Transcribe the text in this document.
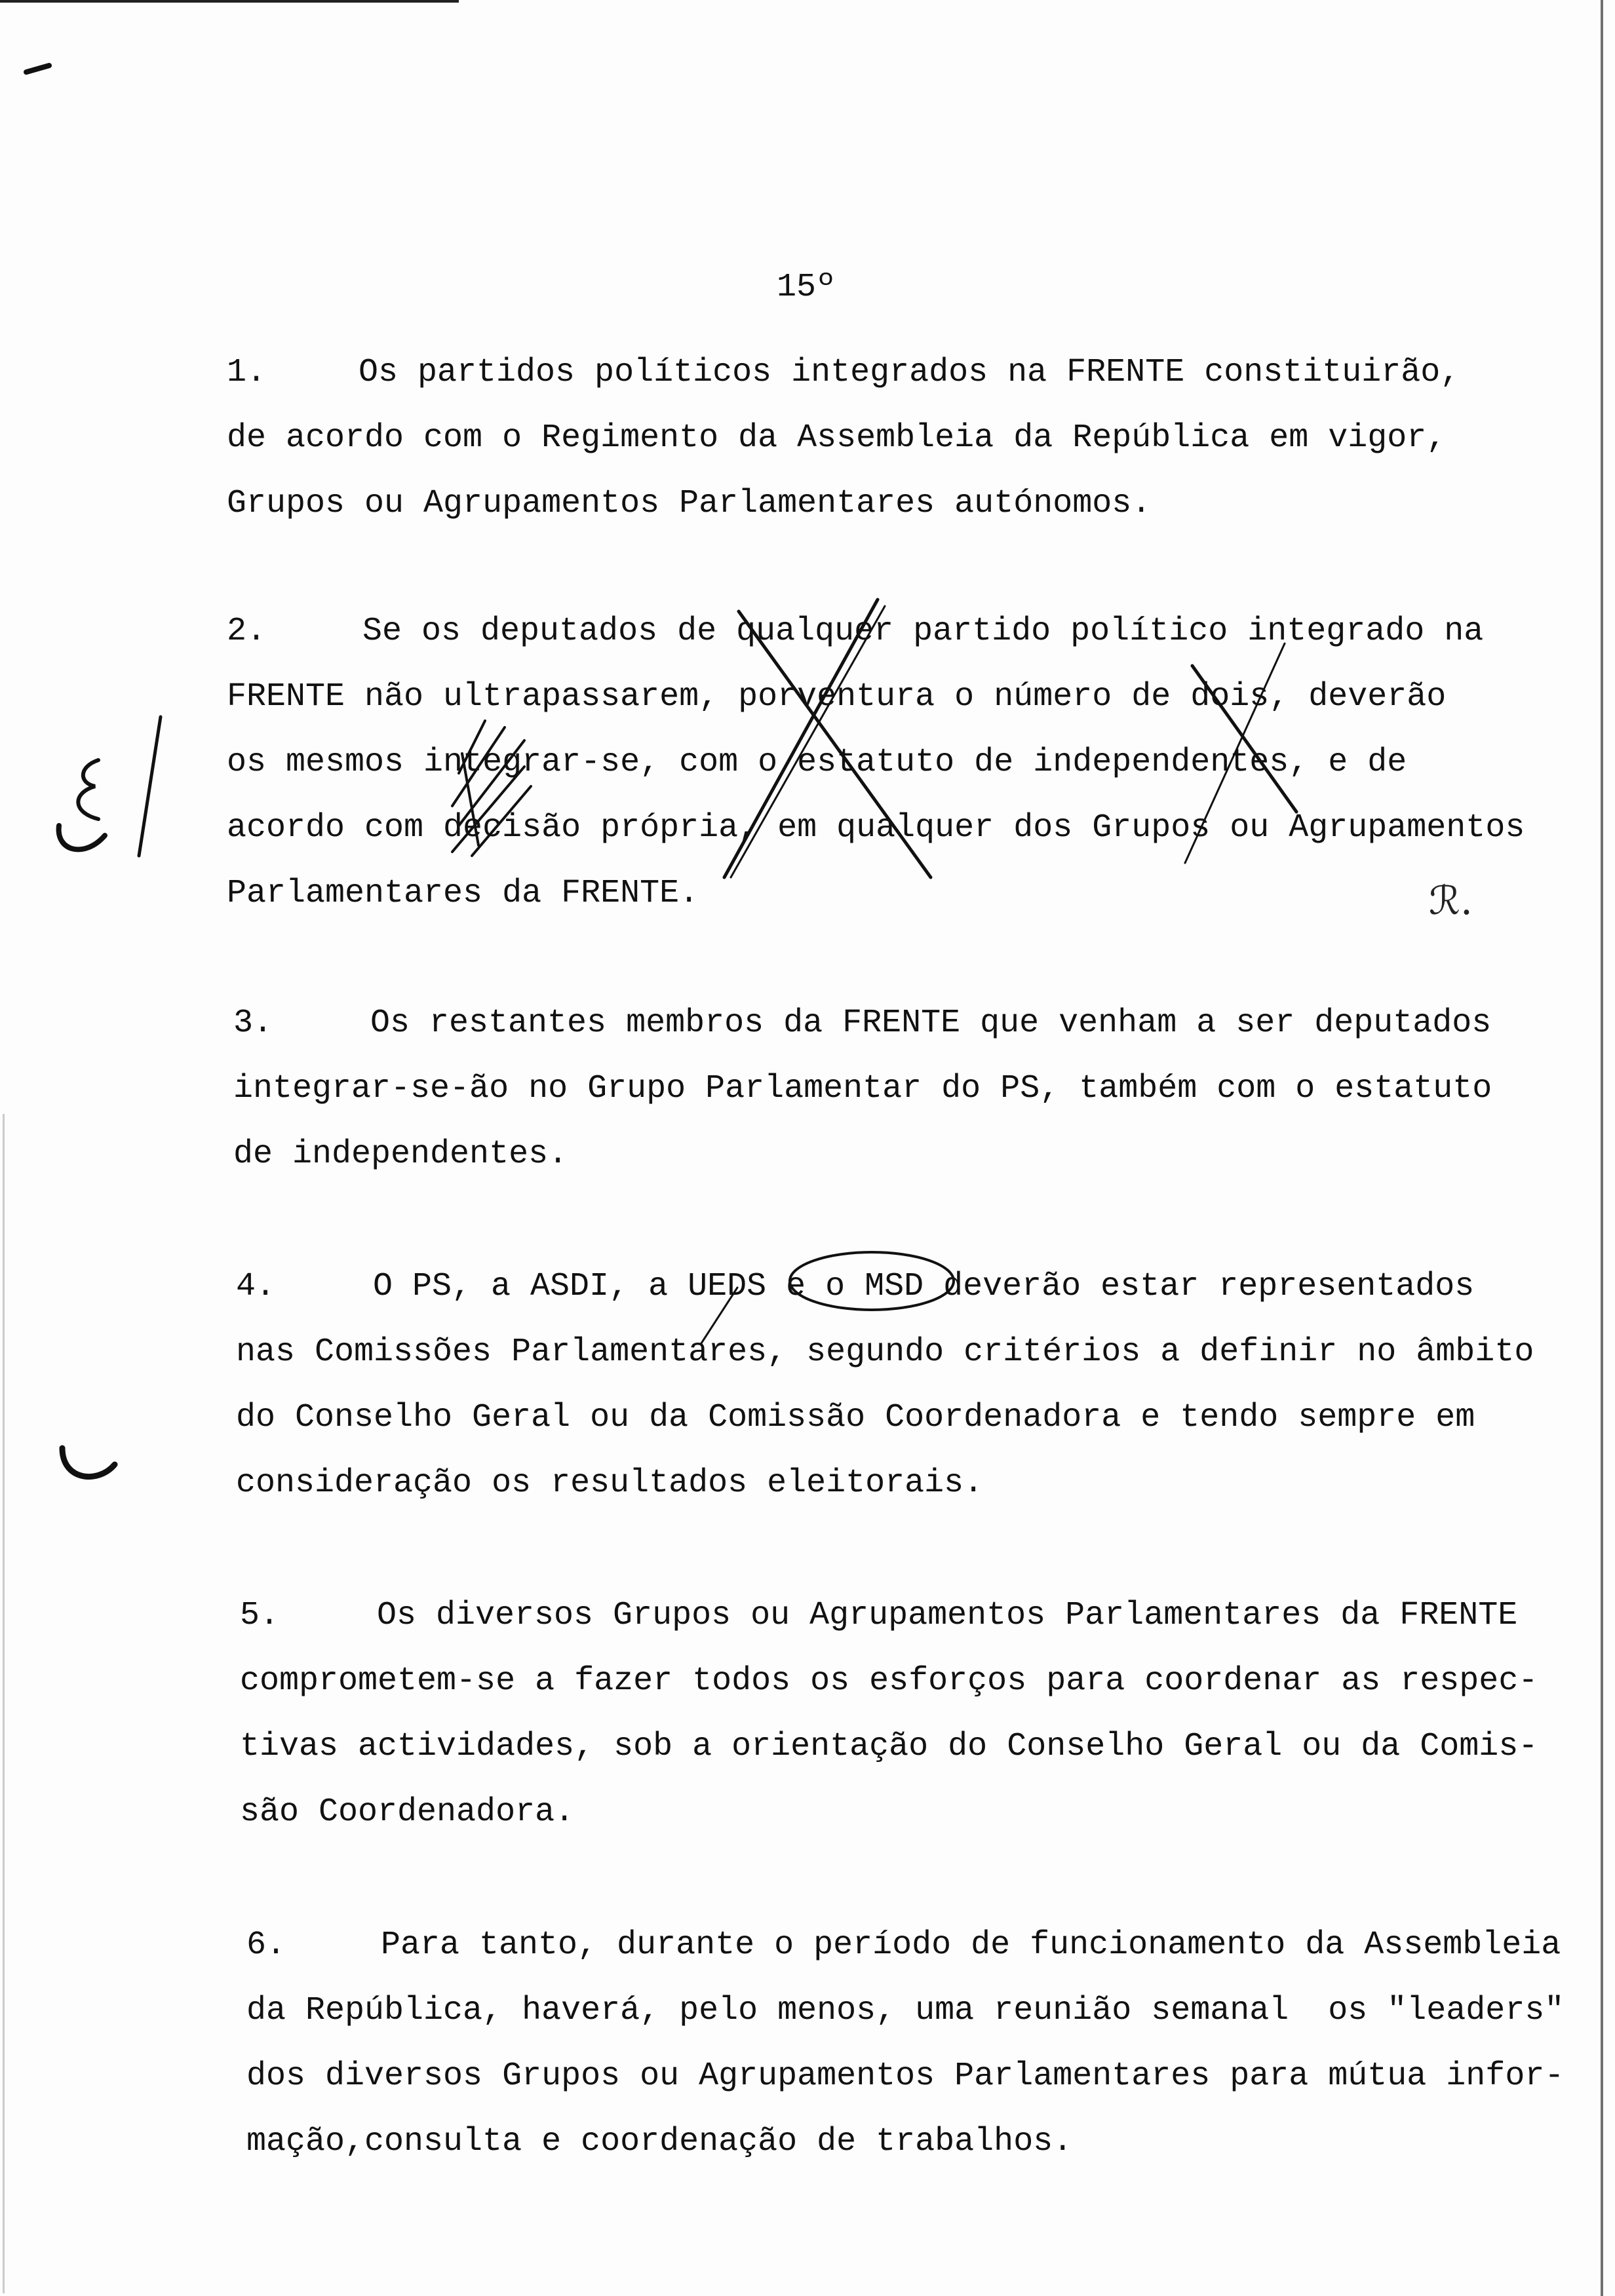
15º
1.	Os partidos políticos integrados na FRENTE constituirão,
de acordo com o Regimento da Assembleia da República em vigor,
Grupos ou Agrupamentos Parlamentares autónomos.
2.	Se os deputados de qualquer partido político integrado na
FRENTE não ultrapassarem, porventura o número de dois, deverão
os mesmos integrar-se, com o estatuto de independentes, e de
acordo com decisão própria, em qualquer dos Grupos ou Agrupamentos
Parlamentares da FRENTE.
3.	Os restantes membros da FRENTE que venham a ser deputados
integrar-se-ão no Grupo Parlamentar do PS, também com o estatuto
de independentes.
4.	O PS, a ASDI, a UEDS e o MSD deverão estar representados
nas Comissões Parlamentares, segundo critérios a definir no âmbito
do Conselho Geral ou da Comissão Coordenadora e tendo sempre em
consideração os resultados eleitorais.
5.	Os diversos Grupos ou Agrupamentos Parlamentares da FRENTE
comprometem-se a fazer todos os esforços para coordenar as respec-
tivas actividades, sob a orientação do Conselho Geral ou da Comis-
são Coordenadora.
6.	Para tanto, durante o período de funcionamento da Assembleia
da República, haverá, pelo menos, uma reunião semanal  os "leaders"
dos diversos Grupos ou Agrupamentos Parlamentares para mútua infor-
mação,consulta e coordenação de trabalhos.
ℛ.
